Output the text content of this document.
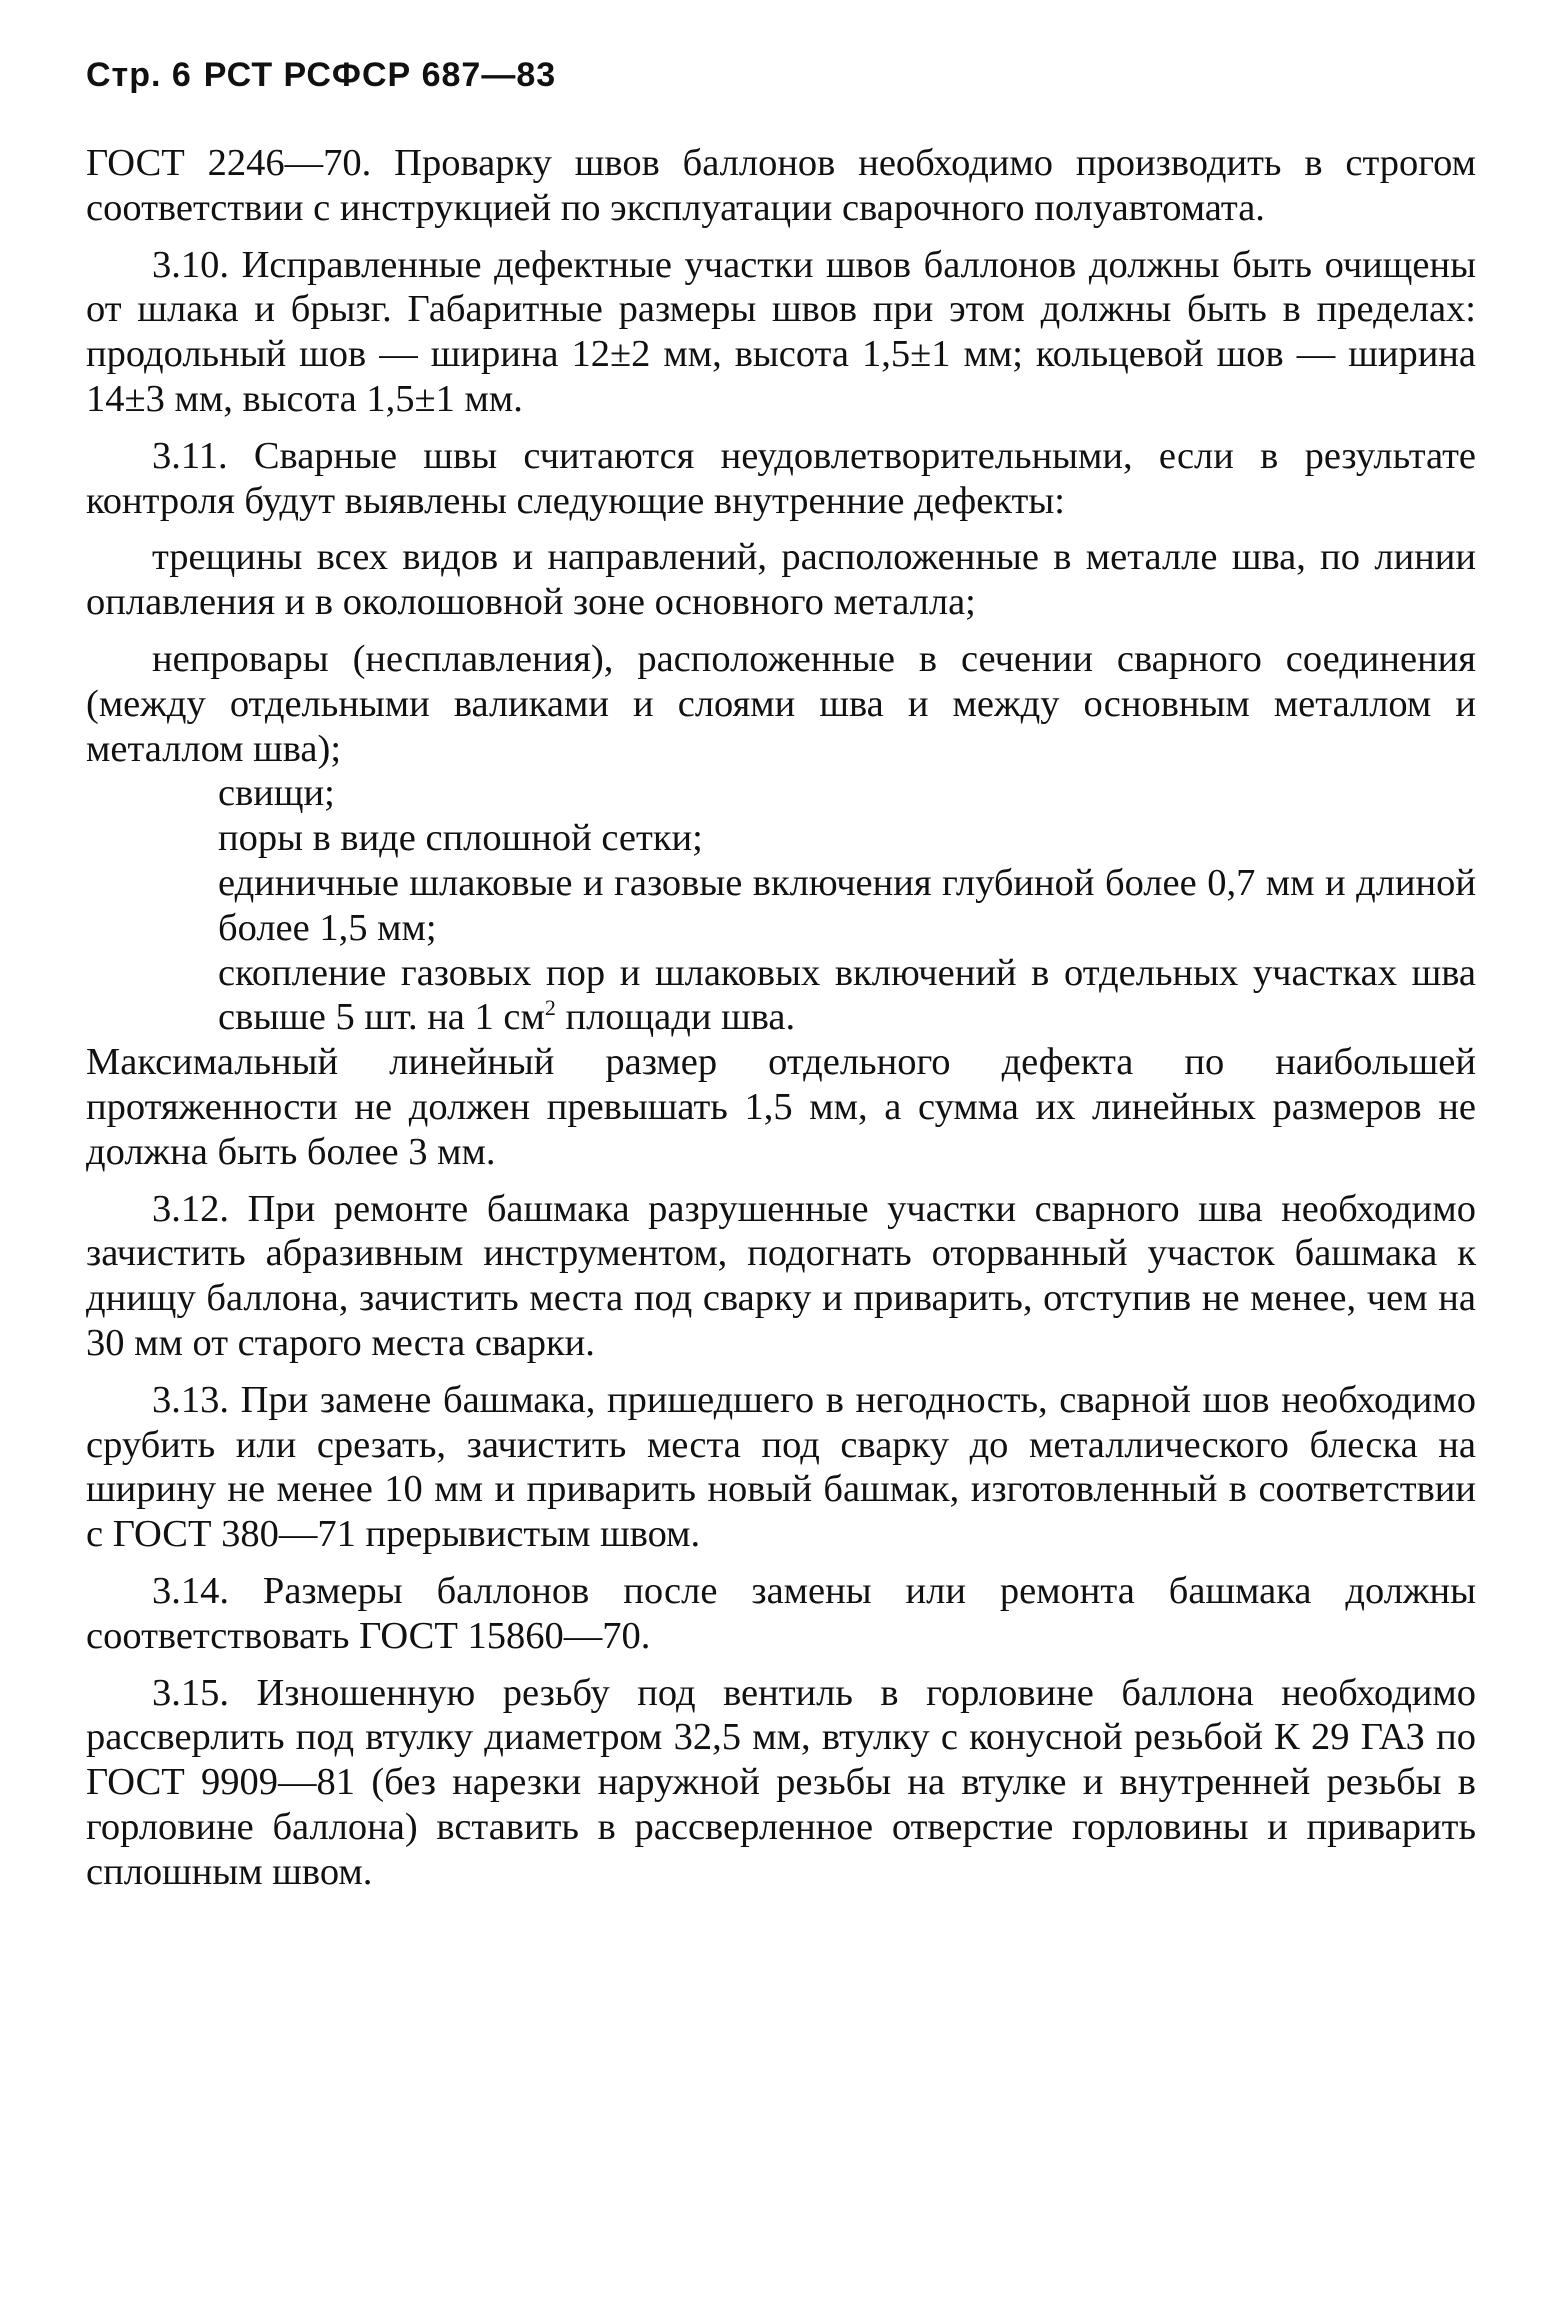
Стр. 6 РСТ РСФСР 687—83

ГОСТ 2246—70. Проварку швов баллонов необходимо производить в строгом соответствии с инструкцией по эксплуатации сварочного полуавтомата.

3.10. Исправленные дефектные участки швов баллонов должны быть очищены от шлака и брызг. Габаритные размеры швов при этом должны быть в пределах: продольный шов — ширина 12±2 мм, высота 1,5±1 мм; кольцевой шов — ширина 14±3 мм, высота 1,5±1 мм.

3.11. Сварные швы считаются неудовлетворительными, если в результате контроля будут выявлены следующие внутренние дефекты:

трещины всех видов и направлений, расположенные в металле шва, по линии оплавления и в околошовной зоне основного металла;

непровары (несплавления), расположенные в сечении сварного соединения (между отдельными валиками и слоями шва и между основным металлом и металлом шва);

свищи;

поры в виде сплошной сетки;

единичные шлаковые и газовые включения глубиной более 0,7 мм и длиной более 1,5 мм;

скопление газовых пор и шлаковых включений в отдельных участках шва свыше 5 шт. на 1 $см^2$ площади шва.

Максимальный линейный размер отдельного дефекта по наибольшей протяженности не должен превышать 1,5 мм, а сумма их линейных размеров не должна быть более 3 мм.

3.12. При ремонте башмака разрушенные участки сварного шва необходимо зачистить абразивным инструментом, подогнать оторванный участок башмака к днищу баллона, зачистить места под сварку и приварить, отступив не менее, чем на 30 мм от старого места сварки.

3.13. При замене башмака, пришедшего в негодность, сварной шов необходимо срубить или срезать, зачистить места под сварку до металлического блеска на ширину не менее 10 мм и приварить новый башмак, изготовленный в соответствии с ГОСТ 380—71 прерывистым швом.

3.14. Размеры баллонов после замены или ремонта башмака должны соответствовать ГОСТ 15860—70.

3.15. Изношенную резьбу под вентиль в горловине баллона необходимо рассверлить под втулку диаметром 32,5 мм, втулку с конусной резьбой К 29 ГАЗ по ГОСТ 9909—81 (без нарезки наружной резьбы на втулке и внутренней резьбы в горловине баллона) вставить в рассверленное отверстие горловины и приварить сплошным швом.
